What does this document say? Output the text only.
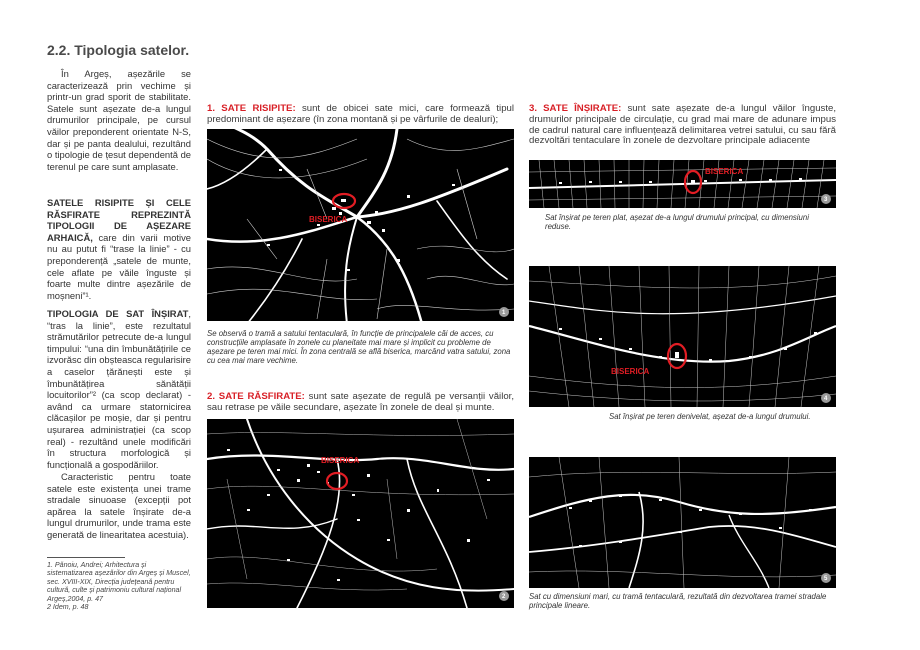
2.2. Tipologia satelor.

În Argeș, așezările se caracterizează prin vechime și printr-un grad sporit de stabilitate. Satele sunt așezate de-a lungul drumurilor principale, pe cursul văilor preponderent orientate N-S, dar și pe panta dealului, rezultând o tipologie de țesut dependentă de terenul pe care sunt amplasate.

SATELE RISIPITE ȘI CELE RĂSFIRATE REPREZINTĂ TIPOLOGII DE AȘEZARE ARHAICĂ, care din varii motive nu au putut fi “trase la linie” - cu preponderență „satele de munte, cele aflate pe văile înguste și foarte multe dintre așezările de moșneni”¹.

TIPOLOGIA DE SAT ÎNȘIRAT, “tras la linie”, este rezultatul strămutărilor petrecute de-a lungul timpului: “una din îmbunătățirile ce izvorăsc din obșteasca regularisire a caselor țărănești este și îmbunătățirea sănătății locuitorilor”² (ca scop declarat) - având ca urmare statornicirea clăcașilor pe moșie, dar și pentru ușurarea administrației (ca scop real) - rezultând unele modificări în structura morfologică și funcțională a gospodăriilor.

Caracteristic pentru toate satele este existența unei trame stradale sinuoase (excepții pot apărea la satele înșirate de-a lungul drumurilor, unde trama este generată de linearitatea acestuia).

1. Pănoiu, Andrei; Arhitectura și sistematizarea așezărilor din Argeș și Muscel, sec. XVIII-XIX, Direcția județeană pentru cultură, culte și patrimoniu cultural național Argeș,2004, p. 47
2 Idem, p. 48
1. SATE RISIPITE: sunt de obicei sate mici, care formează tipul predominant de așezare (în zona montană și pe vârfurile de dealuri);
BISERICA
1
Se observă o tramă a satului tentaculară, în funcție de principalele căi de acces, cu construcțiile amplasate în zonele cu planeitate mai mare și implicit cu probleme de așezare pe teren mai mici. În zona centrală se află biserica, marcând vatra satului, zona cu cea mai mare vechime.
2. SATE RĂSFIRATE: sunt sate așezate de regulă pe versanții văilor, sau retrase pe văile secundare, așezate în zonele de deal și munte.
BISERICA
2
3. SATE ÎNȘIRATE: sunt sate așezate de-a lungul văilor înguste, drumurilor principale de circulație, cu grad mai mare de adunare impus de cadrul natural care influențează delimitarea vetrei satului, cu sau fără dezvoltări tentaculare în zonele de dezvoltare principale adiacente
BISERICA
3
Sat înșirat pe teren plat, așezat de-a lungul drumului principal, cu dimensiuni reduse.
BISERICA
4
Sat înșirat pe teren denivelat, așezat de-a lungul drumului.
5
Sat cu dimensiuni mari, cu tramă tentaculară, rezultată din dezvoltarea tramei stradale principale lineare.
